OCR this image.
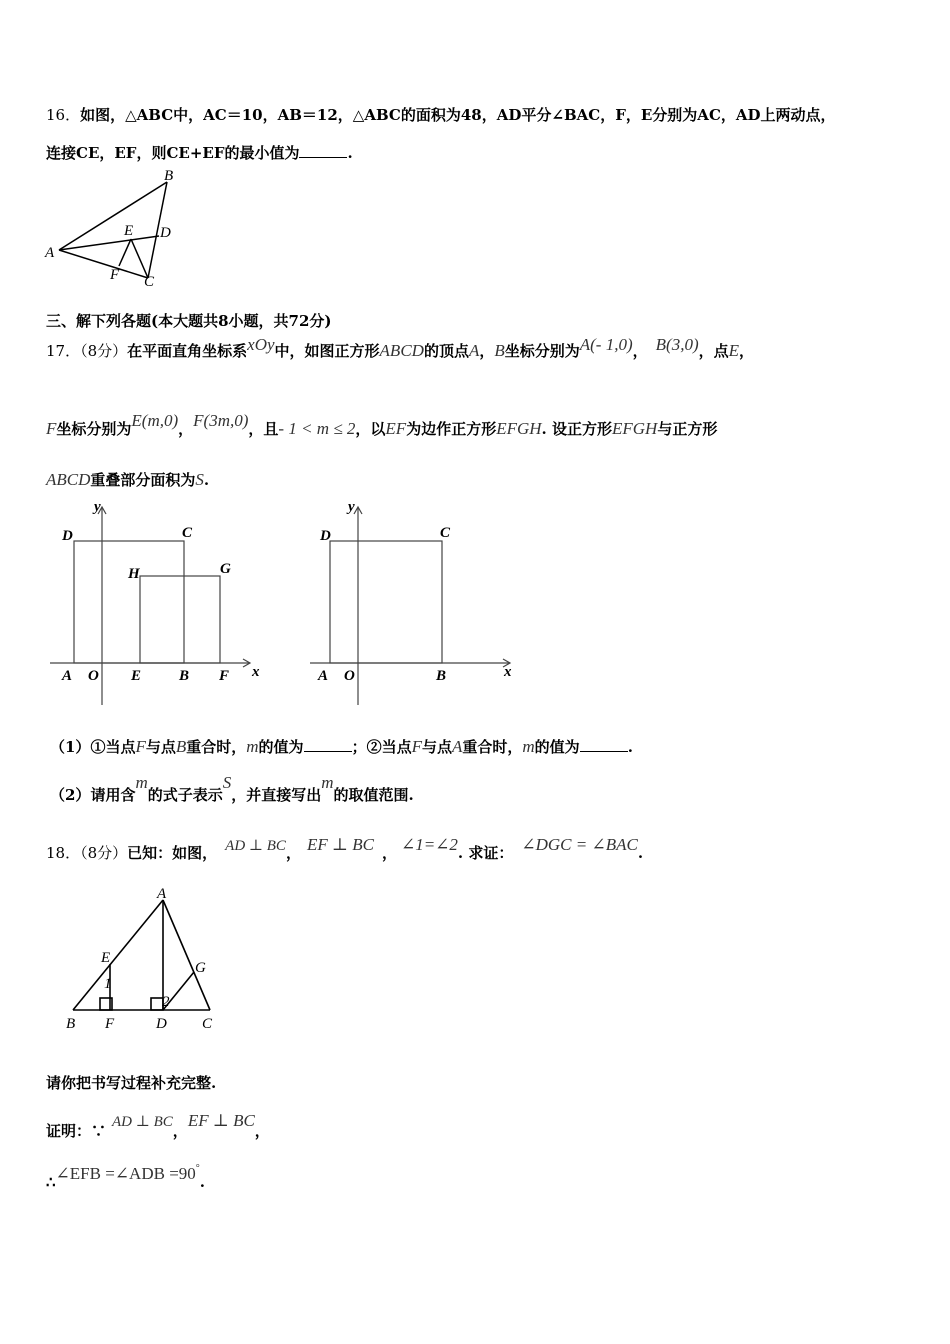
16．如图，△ABC中，AC＝10，AB＝12，△ABC的面积为48，AD平分∠BAC，F，E分别为AC，AD上两动点，
连接CE，EF，则CE+EF的最小值为	.
B
A
E D
F C
三、解下列各题(本大题共8小题，共72分)
17．（8分）在平面直角坐标系xOy中，如图正方形ABCD的顶点A，B坐标分别为A(- 1,0)， B(3,0)，点E，
F坐标分别为E(m,0)，F(3m,0)，且- 1 < m ≤ 2，以EF为边作正方形EFGH. 设正方形EFGH与正方形
ABCD重叠部分面积为S.
y
x
D	C
H	G
A O E	B F
y
x
D	C
A O	B
（1）①当点F与点B重合时，m的值为	；②当点F与点A重合时，m的值为	.
（2）请用含m的式子表示S，并直接写出m的取值范围.
18．（8分）已知：如图， AD ⊥ BC， EF ⊥ BC ， ∠1=∠2. 求证： ∠DGC = ∠BAC.
A
E
G
1
2
B F	D C
请你把书写过程补充完整.
证明：∵ AD ⊥ BC，EF ⊥ BC，
∴∠EFB =∠ADB =90°.
